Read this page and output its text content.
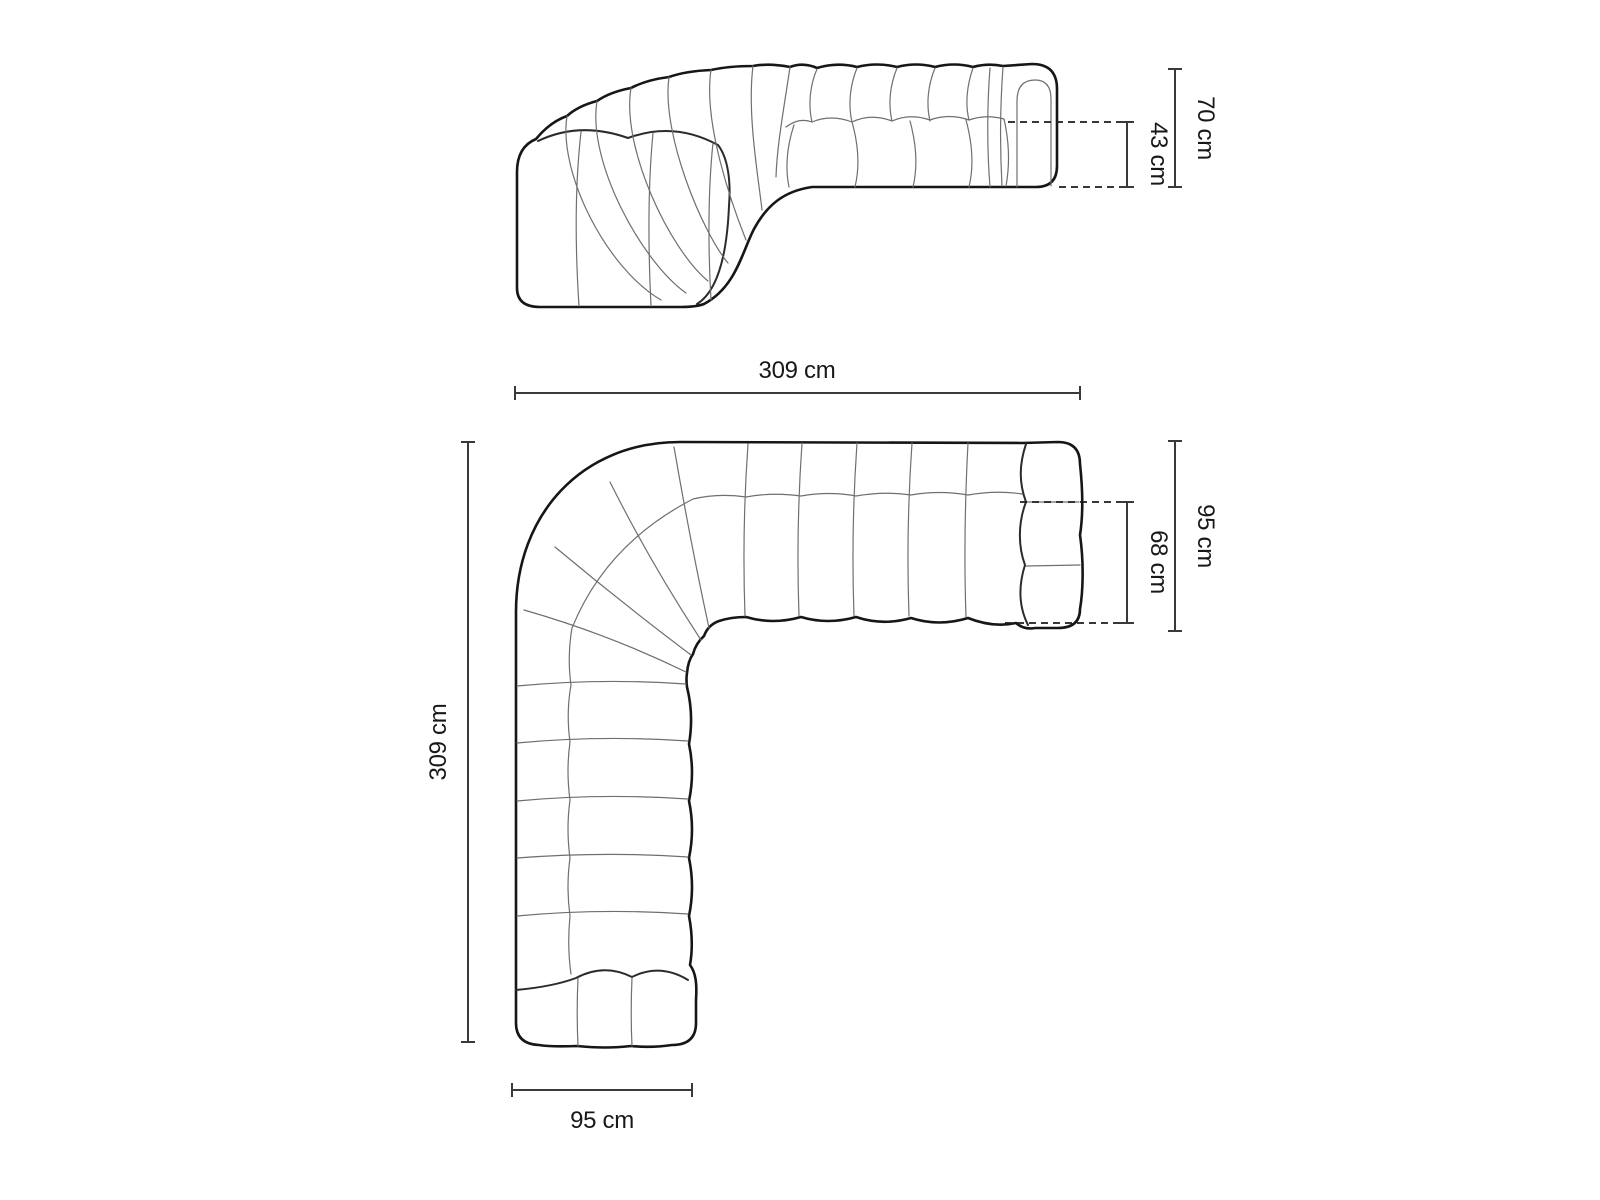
43 cm 70 cm
309 cm
68 cm 95 cm
309 cm
95 cm
